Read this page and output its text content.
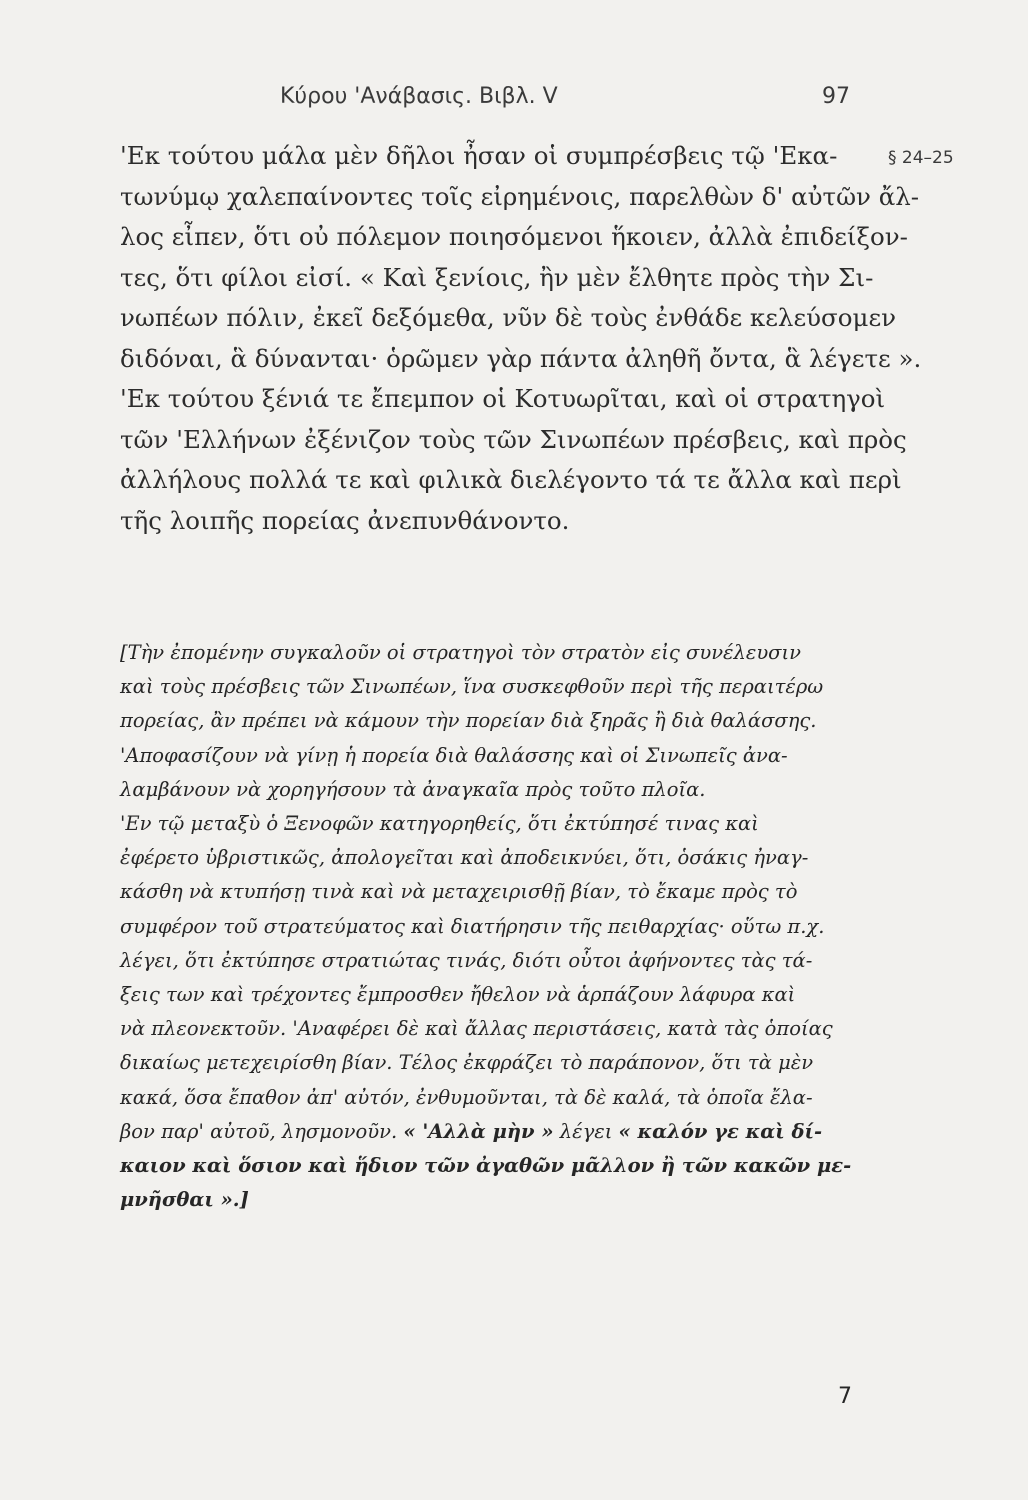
Κύρου 'Ανάβασις. Βιβλ. V	97
§ 24–25
'Εκ τούτου μάλα μὲν δῆλοι ἦσαν οἱ συμπρέσβεις τῷ 'Εκα-
τωνύμῳ χαλεπαίνοντες τοῖς εἰρημένοις, παρελθὼν δ' αὐτῶν ἄλ-
λος εἶπεν, ὅτι οὐ πόλεμον ποιησόμενοι ἥκοιεν, ἀλλὰ ἐπιδείξον-
τες, ὅτι φίλοι εἰσί. « Καὶ ξενίοις, ἢν μὲν ἔλθητε πρὸς τὴν Σι-
νωπέων πόλιν, ἐκεῖ δεξόμεθα, νῦν δὲ τοὺς ἐνθάδε κελεύσομεν
διδόναι, ἃ δύνανται· ὁρῶμεν γὰρ πάντα ἀληθῆ ὄντα, ἃ λέγετε ».
'Εκ τούτου ξένιά τε ἔπεμπον οἱ Κοτυωρῖται, καὶ οἱ στρατηγοὶ
τῶν 'Ελλήνων ἐξένιζον τοὺς τῶν Σινωπέων πρέσβεις, καὶ πρὸς
ἀλλήλους πολλά τε καὶ φιλικὰ διελέγοντο τά τε ἄλλα καὶ περὶ
τῆς λοιπῆς πορείας ἀνεπυνθάνοντο.
[Τὴν ἐπομένην συγκαλοῦν οἱ στρατηγοὶ τὸν στρατὸν εἰς συνέλευσιν
καὶ τοὺς πρέσβεις τῶν Σινωπέων, ἵνα συσκεφθοῦν περὶ τῆς περαιτέρω
πορείας, ἂν πρέπει νὰ κάμουν τὴν πορείαν διὰ ξηρᾶς ἢ διὰ θαλάσσης.
'Αποφασίζουν νὰ γίνῃ ἡ πορεία διὰ θαλάσσης καὶ οἱ Σινωπεῖς ἀνα-
λαμβάνουν νὰ χορηγήσουν τὰ ἀναγκαῖα πρὸς τοῦτο πλοῖα.
'Εν τῷ μεταξὺ ὁ Ξενοφῶν κατηγορηθείς, ὅτι ἐκτύπησέ τινας καὶ
ἐφέρετο ὑβριστικῶς, ἀπολογεῖται καὶ ἀποδεικνύει, ὅτι, ὁσάκις ἠναγ-
κάσθη νὰ κτυπήσῃ τινὰ καὶ νὰ μεταχειρισθῇ βίαν, τὸ ἔκαμε πρὸς τὸ
συμφέρον τοῦ στρατεύματος καὶ διατήρησιν τῆς πειθαρχίας· οὕτω π.χ.
λέγει, ὅτι ἐκτύπησε στρατιώτας τινάς, διότι οὗτοι ἀφήνοντες τὰς τά-
ξεις των καὶ τρέχοντες ἔμπροσθεν ἤθελον νὰ ἁρπάζουν λάφυρα καὶ
νὰ πλεονεκτοῦν. 'Αναφέρει δὲ καὶ ἄλλας περιστάσεις, κατὰ τὰς ὁποίας
δικαίως μετεχειρίσθη βίαν. Τέλος ἐκφράζει τὸ παράπονον, ὅτι τὰ μὲν
κακά, ὅσα ἔπαθον ἀπ' αὐτόν, ἐνθυμοῦνται, τὰ δὲ καλά, τὰ ὁποῖα ἔλα-
βον παρ' αὐτοῦ, λησμονοῦν. « 'Αλλὰ μὴν » λέγει « καλόν γε καὶ δί-
καιον καὶ ὅσιον καὶ ἥδιον τῶν ἀγαθῶν μᾶλλον ἢ τῶν κακῶν με-
μνῆσθαι ».]
7
